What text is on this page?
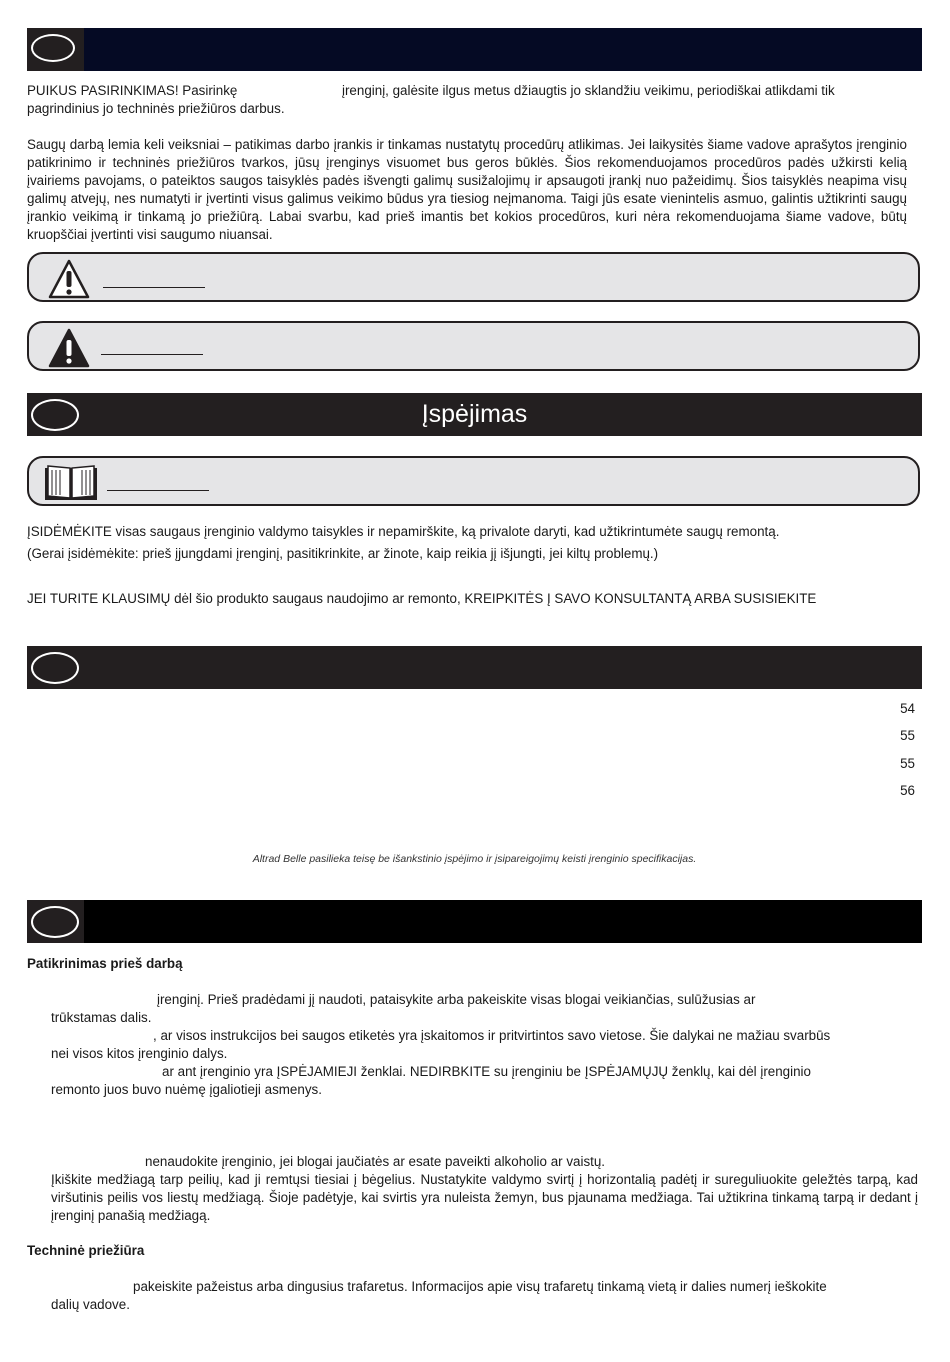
PUIKUS PASIRINKIMAS! Pasirinkę	įrenginį, galėsite ilgus metus džiaugtis jo sklandžiu veikimu, periodiškai atlikdami tik

pagrindinius jo techninės priežiūros darbus.

Saugų darbą lemia keli veiksniai – patikimas darbo įrankis ir tinkamas nustatytų procedūrų atlikimas. Jei laikysitės šiame vadove aprašytos įrenginio patikrinimo ir techninės priežiūros tvarkos, jūsų įrenginys visuomet bus geros būklės. Šios rekomenduojamos procedūros padės užkirsti kelią įvairiems pavojams, o pateiktos saugos taisyklės padės išvengti galimų susižalojimų ir apsaugoti įrankį nuo pažeidimų. Šios taisyklės neapima visų galimų atvejų, nes numatyti ir įvertinti visus galimus veikimo būdus yra tiesiog neįmanoma. Taigi jūs esate vienintelis asmuo, galintis užtikrinti saugų įrankio veikimą ir tinkamą jo priežiūrą. Labai svarbu, kad prieš imantis bet kokios procedūros, kuri nėra rekomenduojama šiame vadove, būtų kruopščiai įvertinti visi saugumo niuansai.

Įspėjimas

ĮSIDĖMĖKITE visas saugaus įrenginio valdymo taisykles ir nepamirškite, ką privalote daryti, kad užtikrintumėte saugų remontą.

(Gerai įsidėmėkite: prieš įjungdami įrenginį, pasitikrinkite, ar žinote, kaip reikia jį išjungti, jei kiltų problemų.)

JEI TURITE KLAUSIMŲ dėl šio produkto saugaus naudojimo ar remonto, KREIPKITĖS Į SAVO KONSULTANTĄ ARBA SUSISIEKITE

54
55
55
56
Altrad Belle pasilieka teisę be išankstinio įspėjimo ir įsipareigojimų keisti įrenginio specifikacijas.

Patikrinimas prieš darbą

įrenginį. Prieš pradėdami jį naudoti, pataisykite arba pakeiskite visas blogai veikiančias, sulūžusias ar

trūkstamas dalis.

, ar visos instrukcijos bei saugos etiketės yra įskaitomos ir pritvirtintos savo vietose. Šie dalykai ne mažiau svarbūs

nei visos kitos įrenginio dalys.

ar ant įrenginio yra ĮSPĖJAMIEJI ženklai. NEDIRBKITE su įrenginiu be ĮSPĖJAMŲJŲ ženklų, kai dėl įrenginio

remonto juos buvo nuėmę įgaliotieji asmenys.

nenaudokite įrenginio, jei blogai jaučiatės ar esate paveikti alkoholio ar vaistų.

Įkiškite medžiagą tarp peilių, kad ji remtųsi tiesiai į bėgelius. Nustatykite valdymo svirtį į horizontalią padėtį ir sureguliuokite geležtės tarpą, kad viršutinis peilis vos liestų medžiagą. Šioje padėtyje, kai svirtis yra nuleista žemyn, bus pjaunama medžiaga. Tai užtikrina tinkamą tarpą ir dedant į įrenginį panašią medžiagą.

Techninė priežiūra

pakeiskite pažeistus arba dingusius trafaretus. Informacijos apie visų trafaretų tinkamą vietą ir dalies numerį ieškokite

dalių vadove.
